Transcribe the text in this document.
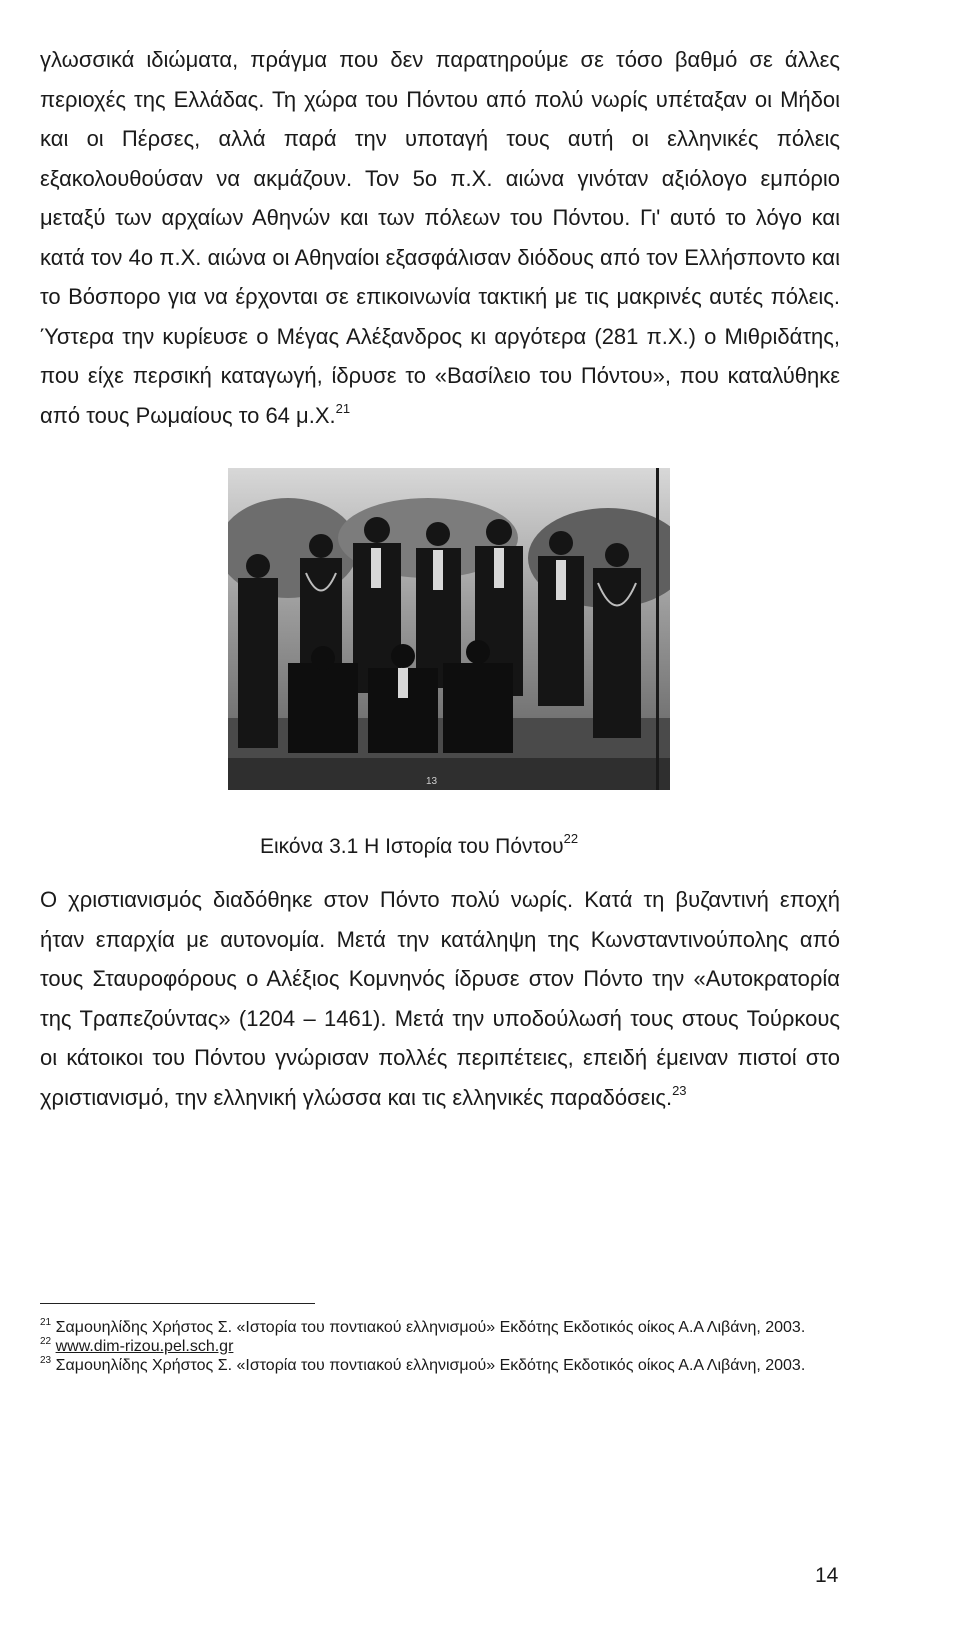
γλωσσικά ιδιώματα, πράγμα που δεν παρατηρούμε σε τόσο βαθμό σε άλλες περιοχές της Ελλάδας. Τη χώρα του Πόντου από πολύ νωρίς υπέταξαν οι Μήδοι και οι Πέρσες, αλλά παρά την υποταγή τους αυτή οι ελληνικές πόλεις εξακολουθούσαν να ακμάζουν. Τον 5ο π.Χ. αιώνα γινόταν αξιόλογο εμπόριο μεταξύ των αρχαίων Αθηνών και των πόλεων του Πόντου. Γι' αυτό το λόγο και κατά τον 4ο π.Χ. αιώνα οι Αθηναίοι εξασφάλισαν διόδους από τον Ελλήσποντο και το Βόσπορο για να έρχονται σε επικοινωνία τακτική με τις μακρινές αυτές πόλεις. Ύστερα την κυρίευσε ο Μέγας Αλέξανδρος κι αργότερα (281 π.Χ.) ο Μιθριδάτης, που είχε περσική καταγωγή, ίδρυσε το «Βασίλειο του Πόντου», που καταλύθηκε από τους Ρωμαίους το 64 μ.Χ.$^{21}$

13
Εικόνα 3.1 Η Ιστορία του Πόντου$^{22}$

Ο χριστιανισμός διαδόθηκε στον Πόντο πολύ νωρίς. Κατά τη βυζαντινή εποχή ήταν επαρχία με αυτονομία. Μετά την κατάληψη της Κωνσταντινούπολης από τους Σταυροφόρους ο Αλέξιος Κομνηνός ίδρυσε στον Πόντο την «Αυτοκρατορία της Τραπεζούντας» (1204 – 1461). Μετά την υποδούλωσή τους στους Τούρκους οι κάτοικοι του Πόντου γνώρισαν πολλές περιπέτειες, επειδή έμειναν πιστοί στο χριστιανισμό, την ελληνική γλώσσα και τις ελληνικές παραδόσεις.$^{23}$

$^{21}$ Σαμουηλίδης Χρήστος Σ. «Ιστορία του ποντιακού ελληνισμού» Εκδότης Εκδοτικός οίκος Α.Α Λιβάνη, 2003.

$^{22}$ www.dim-rizou.pel.sch.gr

$^{23}$ Σαμουηλίδης Χρήστος Σ. «Ιστορία του ποντιακού ελληνισμού» Εκδότης Εκδοτικός οίκος Α.Α Λιβάνη, 2003.

14
